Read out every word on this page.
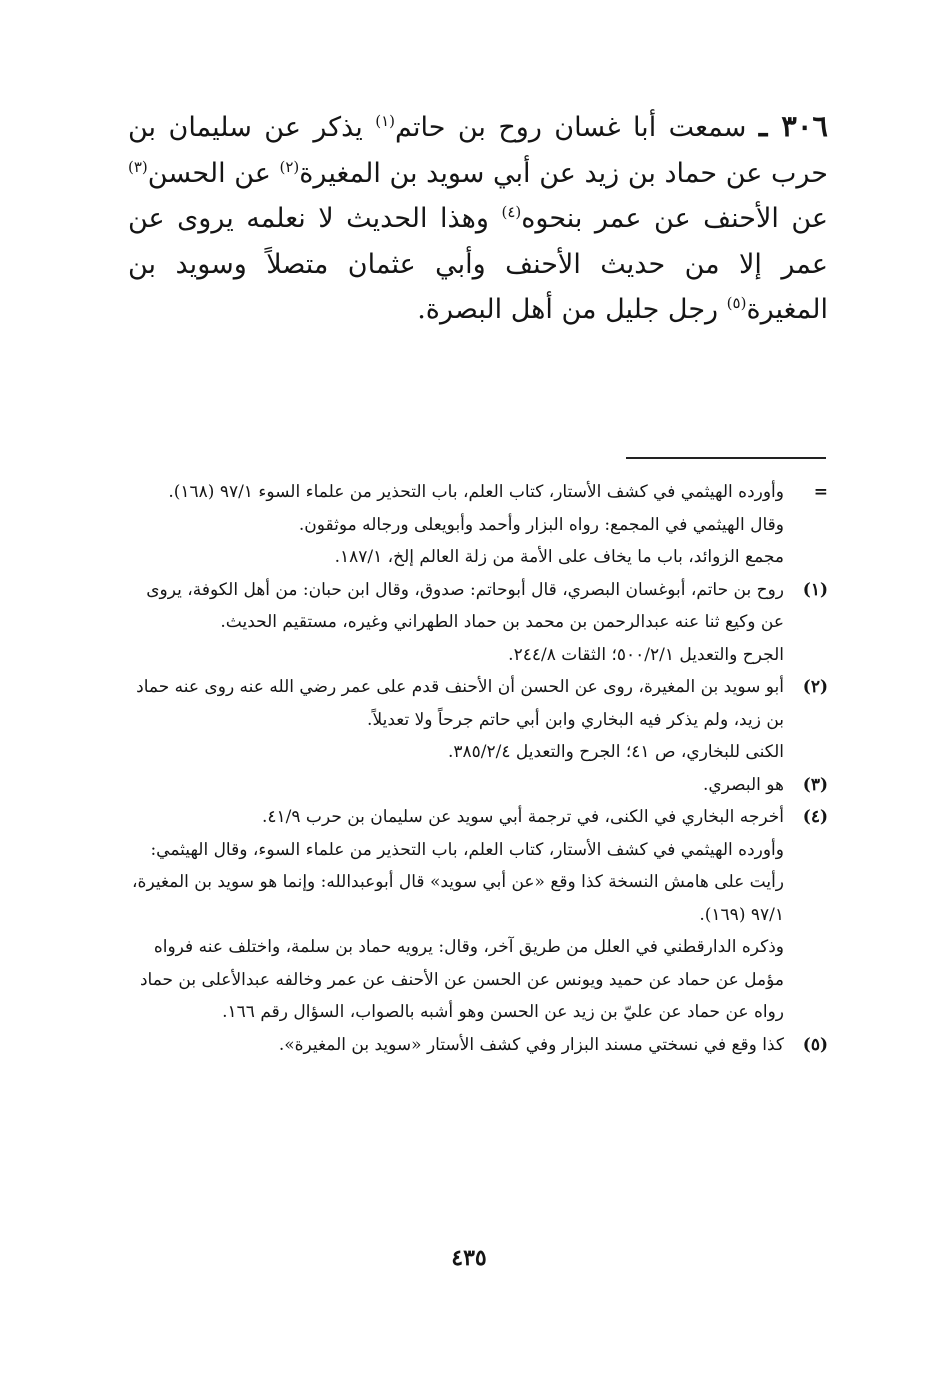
٣٠٦ ـ سمعت أبا غسان روح بن حاتم$^{(١)}$ يذكر عن سليمان بن حرب عن حماد بن زيد عن أبي سويد بن المغيرة$^{(٢)}$ عن الحسن$^{(٣)}$ عن الأحنف عن عمر بنحوه$^{(٤)}$ وهذا الحديث لا نعلمه يروى عن عمر إلا من حديث الأحنف وأبي عثمان متصلاً وسويد بن المغيرة$^{(٥)}$ رجل جليل من أهل البصرة.
=
وأورده الهيثمي في كشف الأستار، كتاب العلم، باب التحذير من علماء السوء ٩٧/١ (١٦٨).
وقال الهيثمي في المجمع: رواه البزار وأحمد وأبويعلى ورجاله موثقون.
مجمع الزوائد، باب ما يخاف على الأمة من زلة العالم إلخ، ١٨٧/١.
(١)
روح بن حاتم، أبوغسان البصري، قال أبوحاتم: صدوق، وقال ابن حبان: من أهل الكوفة، يروى عن وكيع ثنا عنه عبدالرحمن بن محمد بن حماد الطهراني وغيره، مستقيم الحديث.
الجرح والتعديل ٥٠٠/٢/١؛ الثقات ٢٤٤/٨.
(٢)
أبو سويد بن المغيرة، روى عن الحسن أن الأحنف قدم على عمر رضي الله عنه روى عنه حماد بن زيد، ولم يذكر فيه البخاري وابن أبي حاتم جرحاً ولا تعديلاً.
الكنى للبخاري، ص ٤١؛ الجرح والتعديل ٣٨٥/٢/٤.
(٣)
هو البصري.
(٤)
أخرجه البخاري في الكنى، في ترجمة أبي سويد عن سليمان بن حرب ٤١/٩.
وأورده الهيثمي في كشف الأستار، كتاب العلم، باب التحذير من علماء السوء، وقال الهيثمي: رأيت على هامش النسخة كذا وقع «عن أبي سويد» قال أبوعبدالله: وإنما هو سويد بن المغيرة، ٩٧/١ (١٦٩).
وذكره الدارقطني في العلل من طريق آخر، وقال: يرويه حماد بن سلمة، واختلف عنه فرواه مؤمل عن حماد عن حميد ويونس عن الحسن عن الأحنف عن عمر وخالفه عبدالأعلى بن حماد رواه عن حماد عن عليّ بن زيد عن الحسن وهو أشبه بالصواب، السؤال رقم ١٦٦.
(٥)
كذا وقع في نسختي مسند البزار وفي كشف الأستار «سويد بن المغيرة».
٤٣٥
